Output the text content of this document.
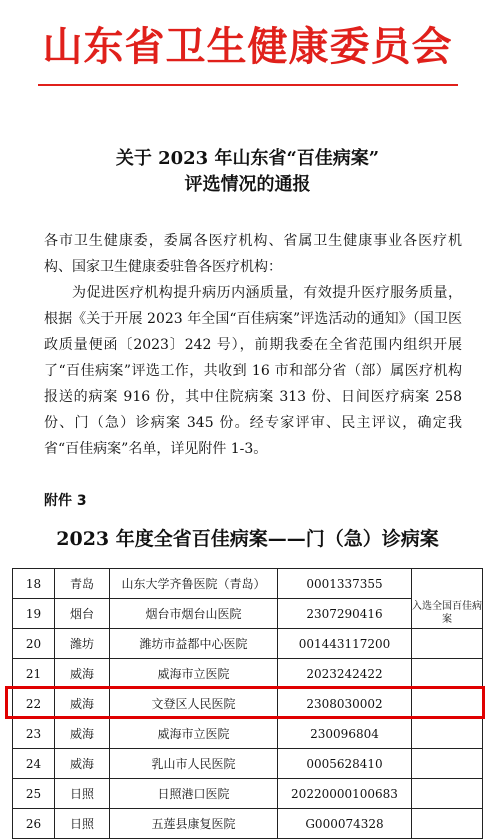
山东省卫生健康委员会
关于 2023 年山东省“百佳病案”
评选情况的通报
各市卫生健康委，委属各医疗机构、省属卫生健康事业各医疗机构、国家卫生健康委驻鲁各医疗机构：
为促进医疗机构提升病历内涵质量，有效提升医疗服务质量，根据《关于开展 2023 年全国“百佳病案”评选活动的通知》（国卫医政质量便函〔2023〕242 号），前期我委在全省范围内组织开展了“百佳病案”评选工作，共收到 16 市和部分省（部）属医疗机构报送的病案 916 份，其中住院病案 313 份、日间医疗病案 258 份、门（急）诊病案 345 份。经专家评审、民主评议，确定我省“百佳病案”名单，详见附件 1-3。
附件 3
2023 年度全省百佳病案——门（急）诊病案
18	青岛	山东大学齐鲁医院（青岛）	0001337355	
19	烟台	烟台市烟台山医院	2307290416	入选全国百佳病案
20	潍坊	潍坊市益都中心医院	001443117200	
21	威海	威海市立医院	2023242422	
22	威海	文登区人民医院	2308030002	
23	威海	威海市立医院	230096804	
24	威海	乳山市人民医院	0005628410	
25	日照	日照港口医院	20220000100683	
26	日照	五莲县康复医院	G000074328	
